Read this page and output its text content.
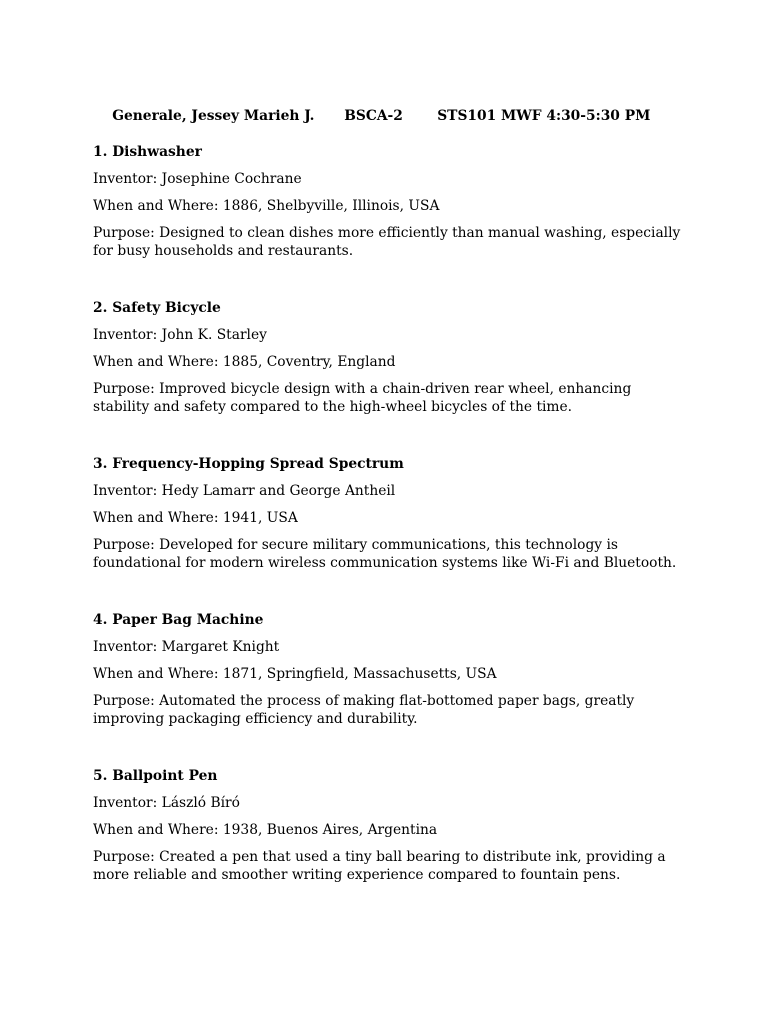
Generale, Jessey Marieh J. BSCA-2 STS101 MWF 4:30-5:30 PM

1. Dishwasher
Inventor: Josephine Cochrane
When and Where: 1886, Shelbyville, Illinois, USA
Purpose: Designed to clean dishes more efficiently than manual washing, especially for busy households and restaurants.
2. Safety Bicycle
Inventor: John K. Starley
When and Where: 1885, Coventry, England
Purpose: Improved bicycle design with a chain-driven rear wheel, enhancing stability and safety compared to the high-wheel bicycles of the time.
3. Frequency-Hopping Spread Spectrum
Inventor: Hedy Lamarr and George Antheil
When and Where: 1941, USA
Purpose: Developed for secure military communications, this technology is foundational for modern wireless communication systems like Wi-Fi and Bluetooth.
4. Paper Bag Machine
Inventor: Margaret Knight
When and Where: 1871, Springfield, Massachusetts, USA
Purpose: Automated the process of making flat-bottomed paper bags, greatly improving packaging efficiency and durability.
5. Ballpoint Pen
Inventor: László Bíró
When and Where: 1938, Buenos Aires, Argentina
Purpose: Created a pen that used a tiny ball bearing to distribute ink, providing a more reliable and smoother writing experience compared to fountain pens.
